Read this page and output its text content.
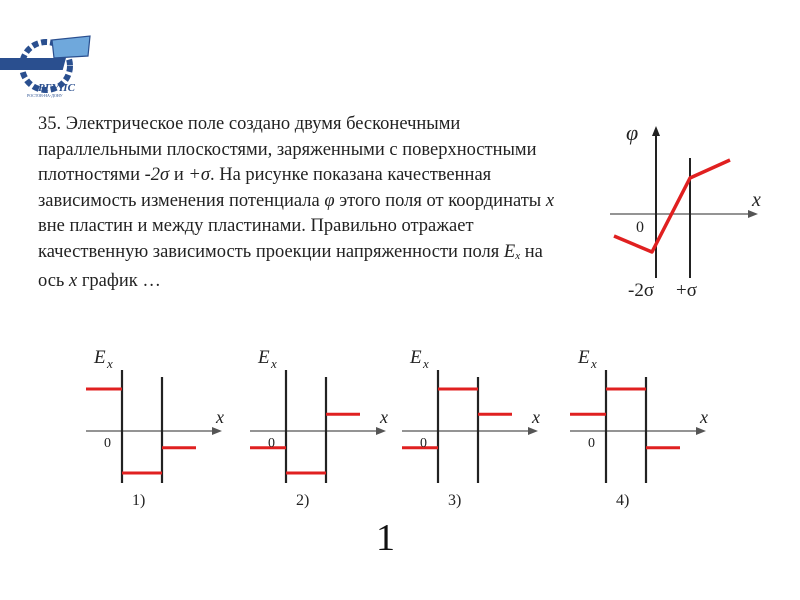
РГУПС
РОСТОВ-НА-ДОНУ
35. Электрическое поле создано двумя бесконечными параллельными плоскостями, заряженными с поверхностными плотностями -2σ и +σ. На рисунке показана качественная зависимость изменения потенциала φ этого поля от координаты x вне пластин и между пластинами. Правильно отражает качественную зависимость проекции напряженности поля $E_x$ на ось x график …
φ
x
0
-2σ +σ
E x
x
0
1)
E x
x
0
2)
E x
x
0
3)
E x
x
0
4)
1
